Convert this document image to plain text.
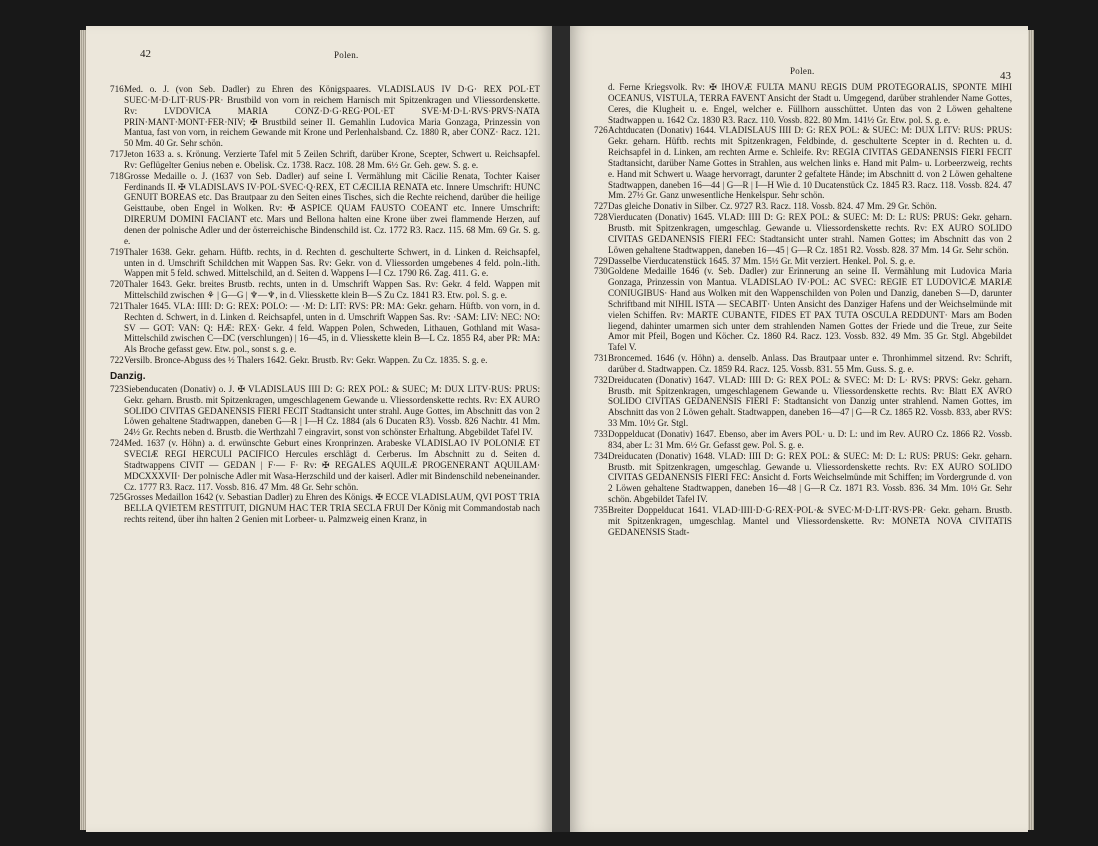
42	Polen.

716 Med. o. J. (von Seb. Dadler) zu Ehren des Königspaares. VLADISLAUS IV D·G· REX POL·ET SUEC·M·D·LIT·RUS·PR· Brustbild von vorn in reichem Harnisch mit Spitzenkragen und Vliessordenskette. Rv: LVDOVICA MARIA CONZ·D·G·REG·POL·ET SVE·M·D·L·RVS·PRVS·NATA PRIN·MANT·MONT·FER·NIV; ✠ Brustbild seiner II. Gemahlin Ludovica Maria Gonzaga, Prinzessin von Mantua, fast von vorn, in reichem Gewande mit Krone und Perlenhalsband. Cz. 1880 R, aber CONZ· Racz. 121. 50 Mm. 40 Gr. Sehr schön.

717 Jeton 1633 a. s. Krönung. Verzierte Tafel mit 5 Zeilen Schrift, darüber Krone, Scepter, Schwert u. Reichsapfel. Rv: Geflügelter Genius neben e. Obelisk. Cz. 1738. Racz. 108. 28 Mm. 6½ Gr. Geh. gew. S. g. e.

718 Grosse Medaille o. J. (1637 von Seb. Dadler) auf seine I. Vermählung mit Cäcilie Renata, Tochter Kaiser Ferdinands II. ✠ VLADISLAVS IV·POL·SVEC·Q·REX, ET CÆCILIA RENATA etc. Innere Umschrift: HUNC GENUIT BOREAS etc. Das Brautpaar zu den Seiten eines Tisches, sich die Rechte reichend, darüber die heilige Geisttaube, oben Engel in Wolken. Rv: ✠ ASPICE QUAM FAUSTO COEANT etc. Innere Umschrift: DIRERUM DOMINI FACIANT etc. Mars und Bellona halten eine Krone über zwei flammende Herzen, auf denen der polnische Adler und der österreichische Bindenschild ist. Cz. 1772 R3. Racz. 115. 68 Mm. 69 Gr. S. g. e.

719 Thaler 1638. Gekr. geharn. Hüftb. rechts, in d. Rechten d. geschulterte Schwert, in d. Linken d. Reichsapfel, unten in d. Umschrift Schildchen mit Wappen Sas. Rv: Gekr. von d. Vliessorden umgebenes 4 feld. poln.-lith. Wappen mit 5 feld. schwed. Mittelschild, an d. Seiten d. Wappens I—I Cz. 1790 R6. Zag. 411. G. e.

720 Thaler 1643. Gekr. breites Brustb. rechts, unten in d. Umschrift Wappen Sas. Rv: Gekr. 4 feld. Wappen mit Mittelschild zwischen ⚘ | G—G | ♆—♆, in d. Vliesskette klein B—S Zu Cz. 1841 R3. Etw. pol. S. g. e.

721 Thaler 1645. VLA: IIII: D: G: REX: POLO: — ·M: D: LIT: RVS: PR: MA: Gekr. geharn. Hüftb. von vorn, in d. Rechten d. Schwert, in d. Linken d. Reichsapfel, unten in d. Umschrift Wappen Sas. Rv: ·SAM: LIV: NEC: NO: SV — GOT: VAN: Q: HÆ: REX· Gekr. 4 feld. Wappen Polen, Schweden, Lithauen, Gothland mit Wasa-Mittelschild zwischen C—DC (verschlungen) | 16—45, in d. Vliesskette klein B—L Cz. 1855 R4, aber PR: MA: Als Broche gefasst gew. Etw. pol., sonst s. g. e.

722 Versilb. Bronce-Abguss des ½ Thalers 1642. Gekr. Brustb. Rv: Gekr. Wappen. Zu Cz. 1835. S. g. e.

Danzig.

723 Siebenducaten (Donativ) o. J. ✠ VLADISLAUS IIII D: G: REX POL: & SUEC; M: DUX LITV·RUS: PRUS: Gekr. geharn. Brustb. mit Spitzenkragen, umgeschlagenem Gewande u. Vliessordenskette rechts. Rv: EX AURO SOLIDO CIVITAS GEDANENSIS FIERI FECIT Stadtansicht unter strahl. Auge Gottes, im Abschnitt das von 2 Löwen gehaltene Stadtwappen, daneben G—R | I—H Cz. 1884 (als 6 Ducaten R3). Vossb. 826 Nachtr. 41 Mm. 24½ Gr. Rechts neben d. Brustb. die Werthzahl 7 eingravirt, sonst von schönster Erhaltung. Abgebildet Tafel IV.

724 Med. 1637 (v. Höhn) a. d. erwünschte Geburt eines Kronprinzen. Arabeske VLADISLAO IV POLONIÆ ET SVECIÆ REGI HERCULI PACIFICO Hercules erschlägt d. Cerberus. Im Abschnitt zu d. Seiten d. Stadtwappens CIVIT — GEDAN | F·— F· Rv: ✠ REGALES AQUILÆ PROGENERANT AQUILAM· MDCXXXVII· Der polnische Adler mit Wasa-Herzschild und der kaiserl. Adler mit Bindenschild nebeneinander. Cz. 1777 R3. Racz. 117. Vossb. 816. 47 Mm. 48 Gr. Sehr schön.

725 Grosses Medaillon 1642 (v. Sebastian Dadler) zu Ehren des Königs. ✠ ECCE VLADISLAUM, QVI POST TRIA BELLA QVIETEM RESTITUIT, DIGNUM HAC TER TRIA SECLA FRUI Der König mit Commandostab nach rechts reitend, über ihn halten 2 Genien mit Lorbeer- u. Palmzweig einen Kranz, in

Polen.	43

d. Ferne Kriegsvolk. Rv: ✠ IHOVÆ FULTA MANU REGIS DUM PROTEGORALIS, SPONTE MIHI OCEANUS, VISTULA, TERRA FAVENT Ansicht der Stadt u. Umgegend, darüber strahlender Name Gottes, Ceres, die Klugheit u. e. Engel, welcher e. Füllhorn ausschüttet. Unten das von 2 Löwen gehaltene Stadtwappen u. 1642 Cz. 1830 R3. Racz. 110. Vossb. 822. 80 Mm. 141½ Gr. Etw. pol. S. g. e.

726 Achtducaten (Donativ) 1644. VLADISLAUS IIII D: G: REX POL: & SUEC: M: DUX LITV: RUS: PRUS: Gekr. geharn. Hüftb. rechts mit Spitzenkragen, Feldbinde, d. geschulterte Scepter in d. Rechten u. d. Reichsapfel in d. Linken, am rechten Arme e. Schleife. Rv: REGIA CIVITAS GEDANENSIS FIERI FECIT Stadtansicht, darüber Name Gottes in Strahlen, aus welchen links e. Hand mit Palm- u. Lorbeerzweig, rechts e. Hand mit Schwert u. Waage hervorragt, darunter 2 gefaltete Hände; im Abschnitt d. von 2 Löwen gehaltene Stadtwappen, daneben 16—44 | G—R | I—H Wie d. 10 Ducatenstück Cz. 1845 R3. Racz. 118. Vossb. 824. 47 Mm. 27½ Gr. Ganz unwesentliche Henkelspur. Sehr schön.

727 Das gleiche Donativ in Silber. Cz. 9727 R3. Racz. 118. Vossb. 824. 47 Mm. 29 Gr. Schön.

728 Vierducaten (Donativ) 1645. VLAD: IIII D: G: REX POL: & SUEC: M: D: L: RUS: PRUS: Gekr. geharn. Brustb. mit Spitzenkragen, umgeschlag. Gewande u. Vliessordenskette rechts. Rv: EX AURO SOLIDO CIVITAS GEDANENSIS FIERI FEC: Stadtansicht unter strahl. Namen Gottes; im Abschnitt das von 2 Löwen gehaltene Stadtwappen, daneben 16—45 | G—R Cz. 1851 R2. Vossb. 828. 37 Mm. 14 Gr. Sehr schön.

729 Dasselbe Vierducatenstück 1645. 37 Mm. 15½ Gr. Mit verziert. Henkel. Pol. S. g. e.

730 Goldene Medaille 1646 (v. Seb. Dadler) zur Erinnerung an seine II. Vermählung mit Ludovica Maria Gonzaga, Prinzessin von Mantua. VLADISLAO IV·POL: AC SVEC: REGIE ET LUDOVICÆ MARIÆ CONIUGIBUS· Hand aus Wolken mit den Wappenschilden von Polen und Danzig, daneben S—D, darunter Schriftband mit NIHIL ISTA — SECABIT· Unten Ansicht des Danziger Hafens und der Weichselmünde mit vielen Schiffen. Rv: MARTE CUBANTE, FIDES ET PAX TUTA OSCULA REDDUNT· Mars am Boden liegend, dahinter umarmen sich unter dem strahlenden Namen Gottes der Friede und die Treue, zur Seite Amor mit Pfeil, Bogen und Köcher. Cz. 1860 R4. Racz. 123. Vossb. 832. 49 Mm. 35 Gr. Stgl. Abgebildet Tafel V.

731 Broncemed. 1646 (v. Höhn) a. denselb. Anlass. Das Brautpaar unter e. Thronhimmel sitzend. Rv: Schrift, darüber d. Stadtwappen. Cz. 1859 R4. Racz. 125. Vossb. 831. 55 Mm. Guss. S. g. e.

732 Dreiducaten (Donativ) 1647. VLAD: IIII D: G: REX POL: & SVEC: M: D: L· RVS: PRVS: Gekr. geharn. Brustb. mit Spitzenkragen, umgeschlagenem Gewande u. Vliessordenskette rechts. Rv: Blatt EX AVRO SOLIDO CIVITAS GEDANENSIS FIERI F: Stadtansicht von Danzig unter strahlend. Namen Gottes, im Abschnitt das von 2 Löwen gehalt. Stadtwappen, daneben 16—47 | G—R Cz. 1865 R2. Vossb. 833, aber RVS: 33 Mm. 10½ Gr. Stgl.

733 Doppelducat (Donativ) 1647. Ebenso, aber im Avers POL· u. D: L: und im Rev. AURO Cz. 1866 R2. Vossb. 834, aber L: 31 Mm. 6½ Gr. Gefasst gew. Pol. S. g. e.

734 Dreiducaten (Donativ) 1648. VLAD: IIII D: G: REX POL: & SUEC: M: D: L: RUS: PRUS: Gekr. geharn. Brustb. mit Spitzenkragen, umgeschlag. Gewande u. Vliessordenskette rechts. Rv: EX AURO SOLIDO CIVITAS GEDANENSIS FIERI FEC: Ansicht d. Forts Weichselmünde mit Schiffen; im Vordergrunde d. von 2 Löwen gehaltene Stadtwappen, daneben 16—48 | G—R Cz. 1871 R3. Vossb. 836. 34 Mm. 10½ Gr. Sehr schön. Abgebildet Tafel IV.

735 Breiter Doppelducat 1641. VLAD·IIII·D·G·REX·POL·& SVEC·M·D·LIT·RVS·PR· Gekr. geharn. Brustb. mit Spitzenkragen, umgeschlag. Mantel und Vliessordenskette. Rv: MONETA NOVA CIVITATIS GEDANENSIS Stadt-
